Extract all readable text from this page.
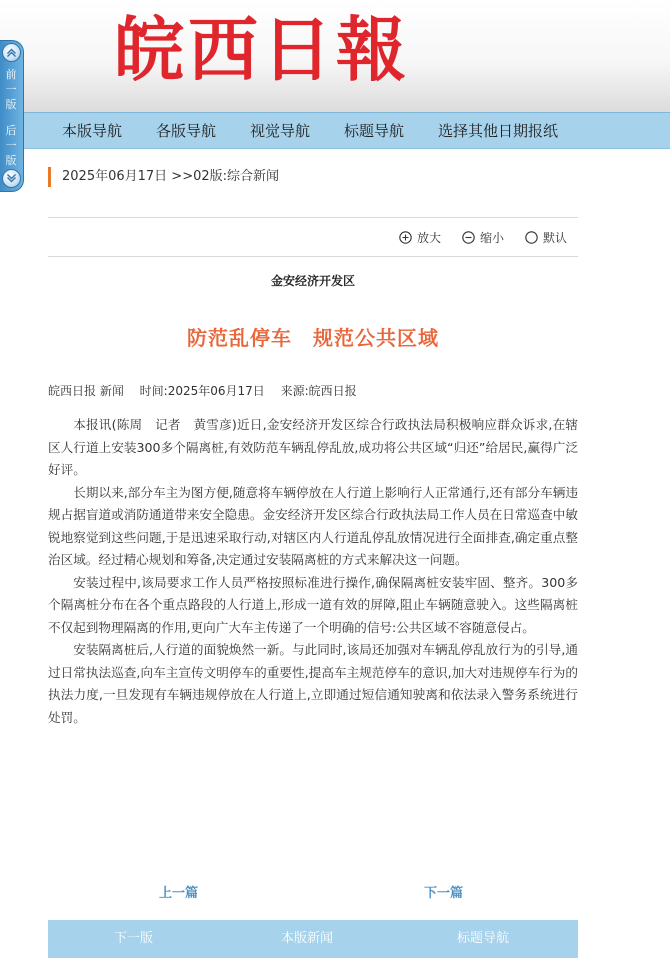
皖西日報
本版导航 各版导航 视觉导航 标题导航 选择其他日期报纸
前一版
后一版
2025年06月17日 >>02版:综合新闻
放大	缩小	默认
金安经济开发区
防范乱停车　规范公共区域
皖西日报 新闻 时间:2025年06月17日 来源:皖西日报

本报讯(陈周　记者　黄雪彦)近日,金安经济开发区综合行政执法局积极响应群众诉求,在辖区人行道上安装300多个隔离桩,有效防范车辆乱停乱放,成功将公共区域“归还”给居民,赢得广泛好评。

长期以来,部分车主为图方便,随意将车辆停放在人行道上影响行人正常通行,还有部分车辆违规占据盲道或消防通道带来安全隐患。金安经济开发区综合行政执法局工作人员在日常巡查中敏锐地察觉到这些问题,于是迅速采取行动,对辖区内人行道乱停乱放情况进行全面排查,确定重点整治区域。经过精心规划和筹备,决定通过安装隔离桩的方式来解决这一问题。

安装过程中,该局要求工作人员严格按照标准进行操作,确保隔离桩安装牢固、整齐。300多个隔离桩分布在各个重点路段的人行道上,形成一道有效的屏障,阻止车辆随意驶入。这些隔离桩不仅起到物理隔离的作用,更向广大车主传递了一个明确的信号:公共区域不容随意侵占。

安装隔离桩后,人行道的面貌焕然一新。与此同时,该局还加强对车辆乱停乱放行为的引导,通过日常执法巡查,向车主宣传文明停车的重要性,提高车主规范停车的意识,加大对违规停车行为的执法力度,一旦发现有车辆违规停放在人行道上,立即通过短信通知驶离和依法录入警务系统进行处罚。

上一篇	下一篇
下一版	本版新闻	标题导航
